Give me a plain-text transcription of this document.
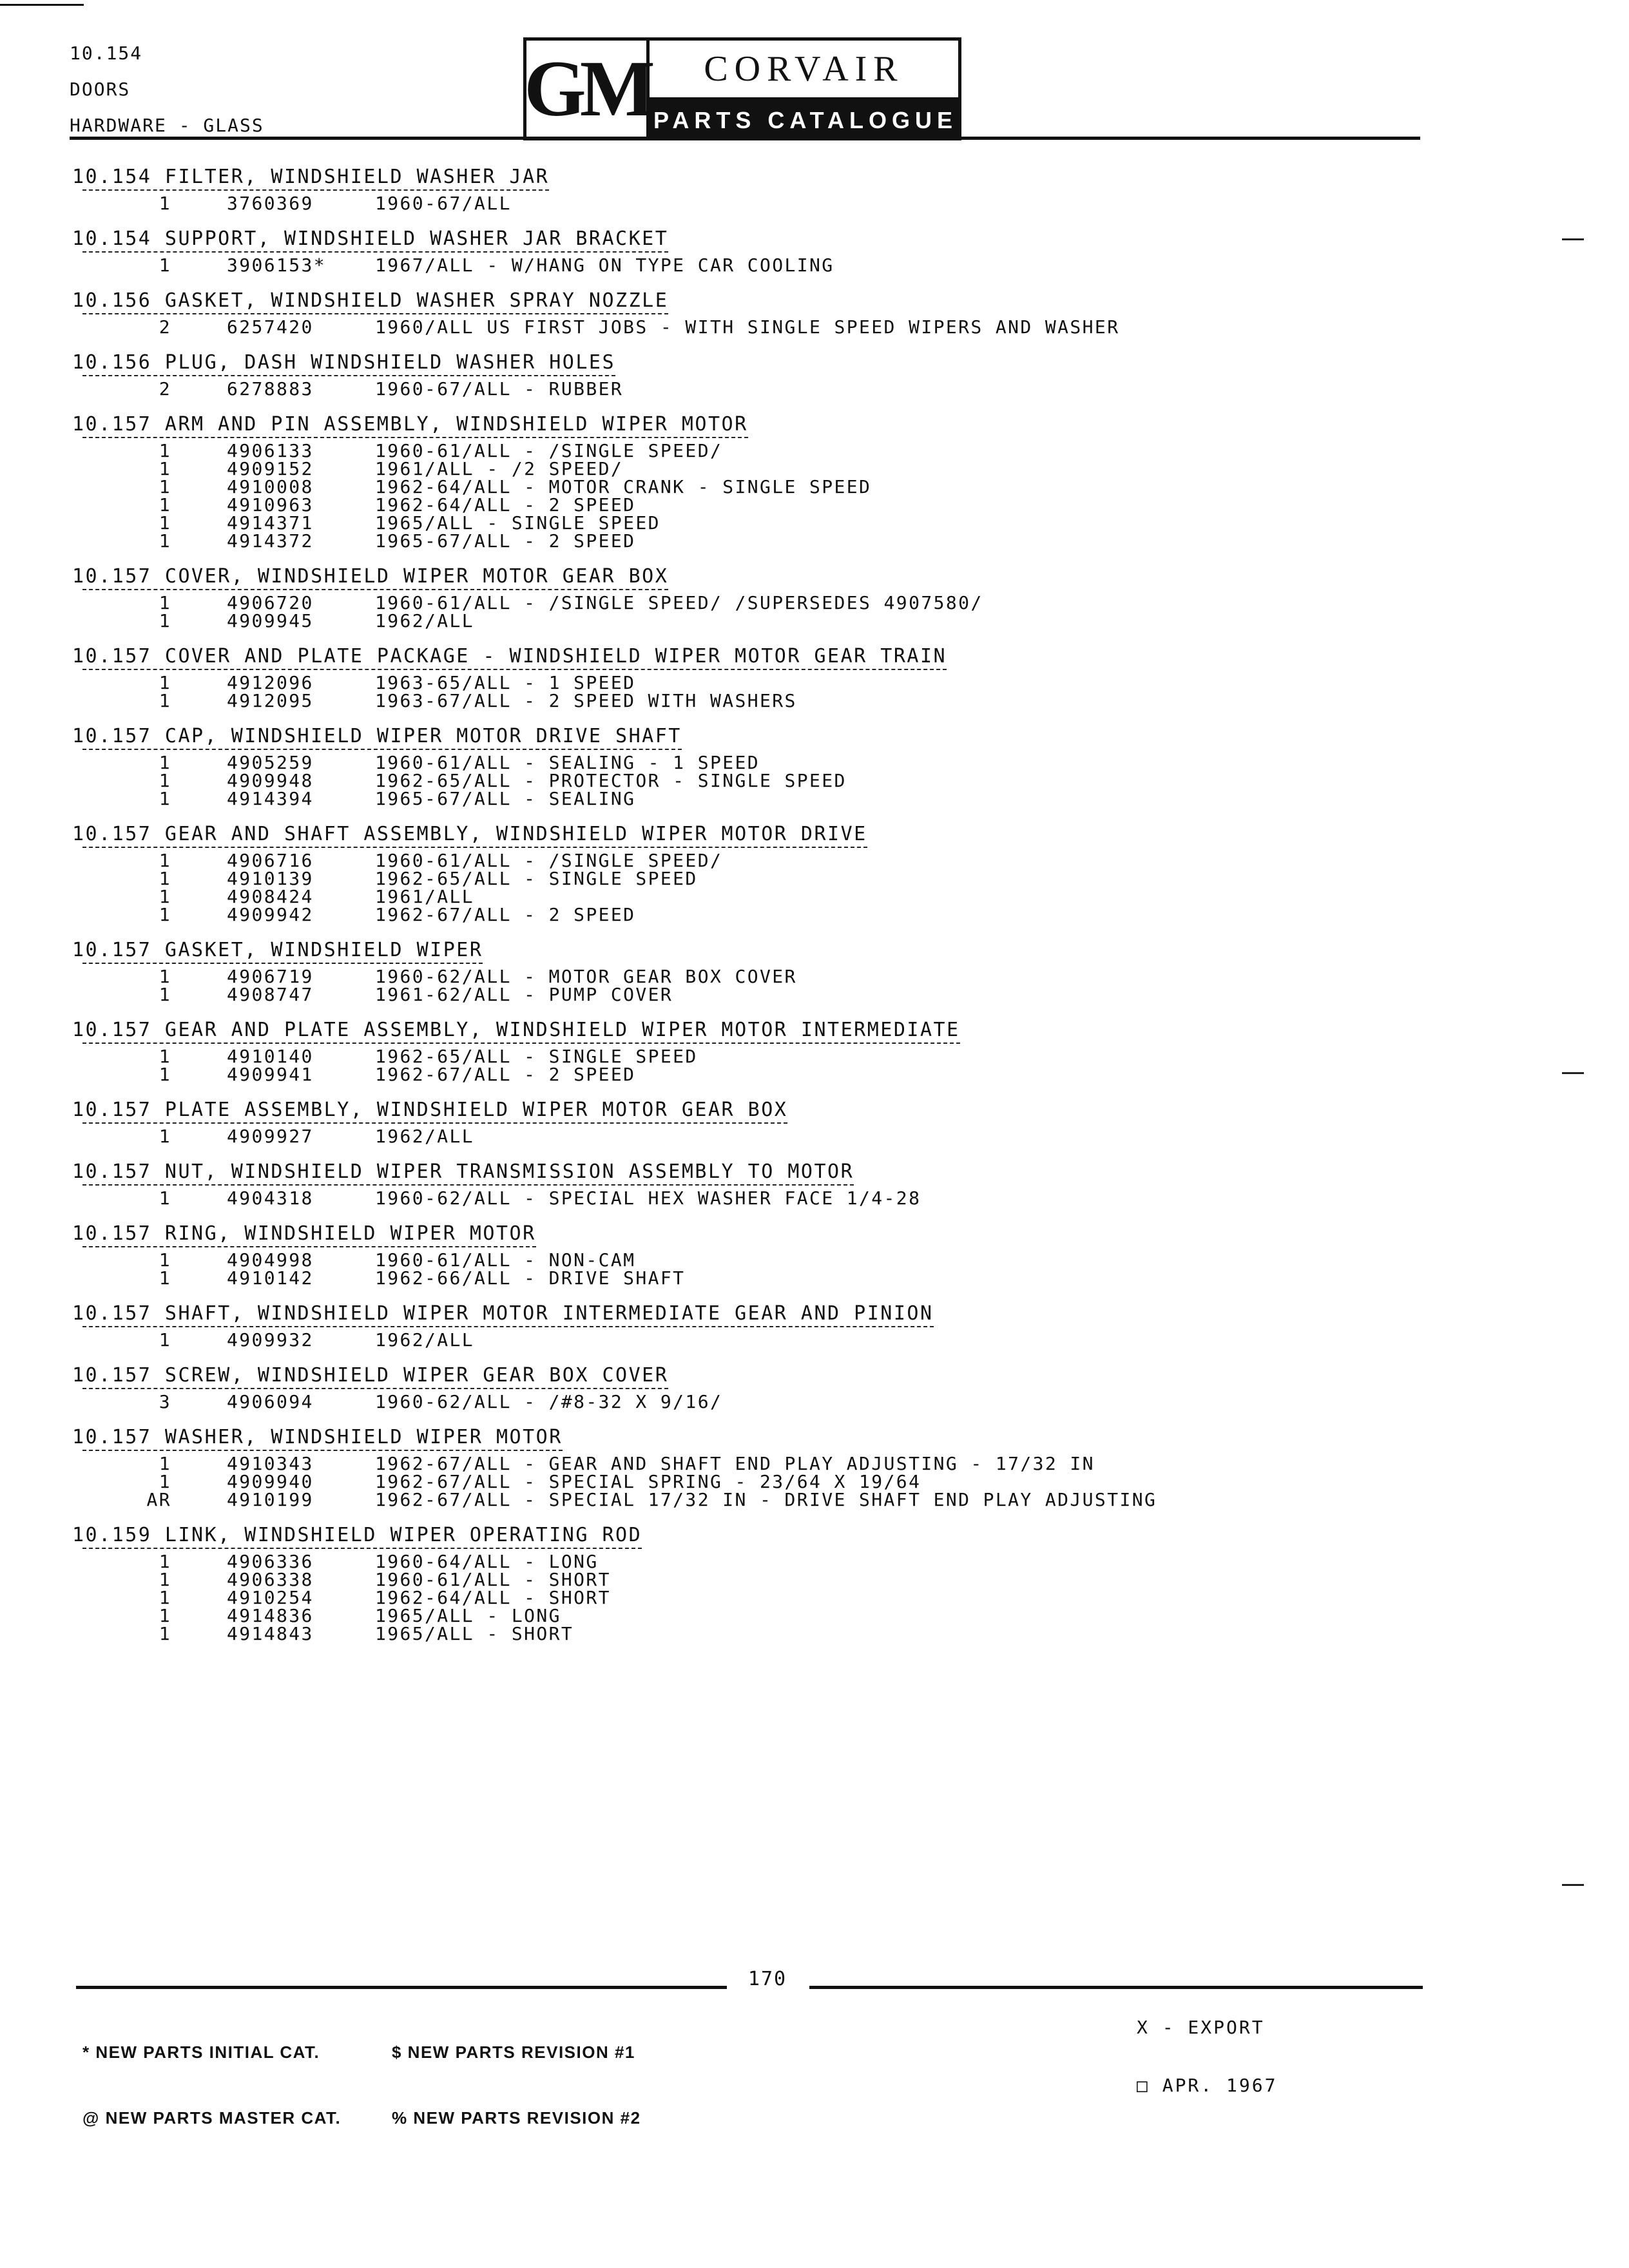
10.154
DOORS
HARDWARE - GLASS	GM	CORVAIR
PARTS CATALOGUE
10.154 FILTER, WINDSHIELD WASHER JAR
1	3760369	1960-67/ALL
10.154 SUPPORT, WINDSHIELD WASHER JAR BRACKET
1	3906153*	1967/ALL - W/HANG ON TYPE CAR COOLING
10.156 GASKET, WINDSHIELD WASHER SPRAY NOZZLE
2	6257420	1960/ALL US FIRST JOBS - WITH SINGLE SPEED WIPERS AND WASHER
10.156 PLUG, DASH WINDSHIELD WASHER HOLES
2	6278883	1960-67/ALL - RUBBER
10.157 ARM AND PIN ASSEMBLY, WINDSHIELD WIPER MOTOR
1	4906133	1960-61/ALL - /SINGLE SPEED/
1	4909152	1961/ALL - /2 SPEED/
1	4910008	1962-64/ALL - MOTOR CRANK - SINGLE SPEED
1	4910963	1962-64/ALL - 2 SPEED
1	4914371	1965/ALL - SINGLE SPEED
1	4914372	1965-67/ALL - 2 SPEED
10.157 COVER, WINDSHIELD WIPER MOTOR GEAR BOX
1	4906720	1960-61/ALL - /SINGLE SPEED/ /SUPERSEDES 4907580/
1	4909945	1962/ALL
10.157 COVER AND PLATE PACKAGE - WINDSHIELD WIPER MOTOR GEAR TRAIN
1	4912096	1963-65/ALL - 1 SPEED
1	4912095	1963-67/ALL - 2 SPEED WITH WASHERS
10.157 CAP, WINDSHIELD WIPER MOTOR DRIVE SHAFT
1	4905259	1960-61/ALL - SEALING - 1 SPEED
1	4909948	1962-65/ALL - PROTECTOR - SINGLE SPEED
1	4914394	1965-67/ALL - SEALING
10.157 GEAR AND SHAFT ASSEMBLY, WINDSHIELD WIPER MOTOR DRIVE
1	4906716	1960-61/ALL - /SINGLE SPEED/
1	4910139	1962-65/ALL - SINGLE SPEED
1	4908424	1961/ALL
1	4909942	1962-67/ALL - 2 SPEED
10.157 GASKET, WINDSHIELD WIPER
1	4906719	1960-62/ALL - MOTOR GEAR BOX COVER
1	4908747	1961-62/ALL - PUMP COVER
10.157 GEAR AND PLATE ASSEMBLY, WINDSHIELD WIPER MOTOR INTERMEDIATE
1	4910140	1962-65/ALL - SINGLE SPEED
1	4909941	1962-67/ALL - 2 SPEED
10.157 PLATE ASSEMBLY, WINDSHIELD WIPER MOTOR GEAR BOX
1	4909927	1962/ALL
10.157 NUT, WINDSHIELD WIPER TRANSMISSION ASSEMBLY TO MOTOR
1	4904318	1960-62/ALL - SPECIAL HEX WASHER FACE 1/4-28
10.157 RING, WINDSHIELD WIPER MOTOR
1	4904998	1960-61/ALL - NON-CAM
1	4910142	1962-66/ALL - DRIVE SHAFT
10.157 SHAFT, WINDSHIELD WIPER MOTOR INTERMEDIATE GEAR AND PINION
1	4909932	1962/ALL
10.157 SCREW, WINDSHIELD WIPER GEAR BOX COVER
3	4906094	1960-62/ALL - /#8-32 X 9/16/
10.157 WASHER, WINDSHIELD WIPER MOTOR
1	4910343	1962-67/ALL - GEAR AND SHAFT END PLAY ADJUSTING - 17/32 IN
1	4909940	1962-67/ALL - SPECIAL SPRING - 23/64 X 19/64
AR	4910199	1962-67/ALL - SPECIAL 17/32 IN - DRIVE SHAFT END PLAY ADJUSTING
10.159 LINK, WINDSHIELD WIPER OPERATING ROD
1	4906336	1960-64/ALL - LONG
1	4906338	1960-61/ALL - SHORT
1	4910254	1962-64/ALL - SHORT
1	4914836	1965/ALL - LONG
1	4914843	1965/ALL - SHORT
170

* NEW PARTS INITIAL CAT.

@ NEW PARTS MASTER CAT.

$ NEW PARTS REVISION #1

% NEW PARTS REVISION #2

X - EXPORT

□ APR. 1967
